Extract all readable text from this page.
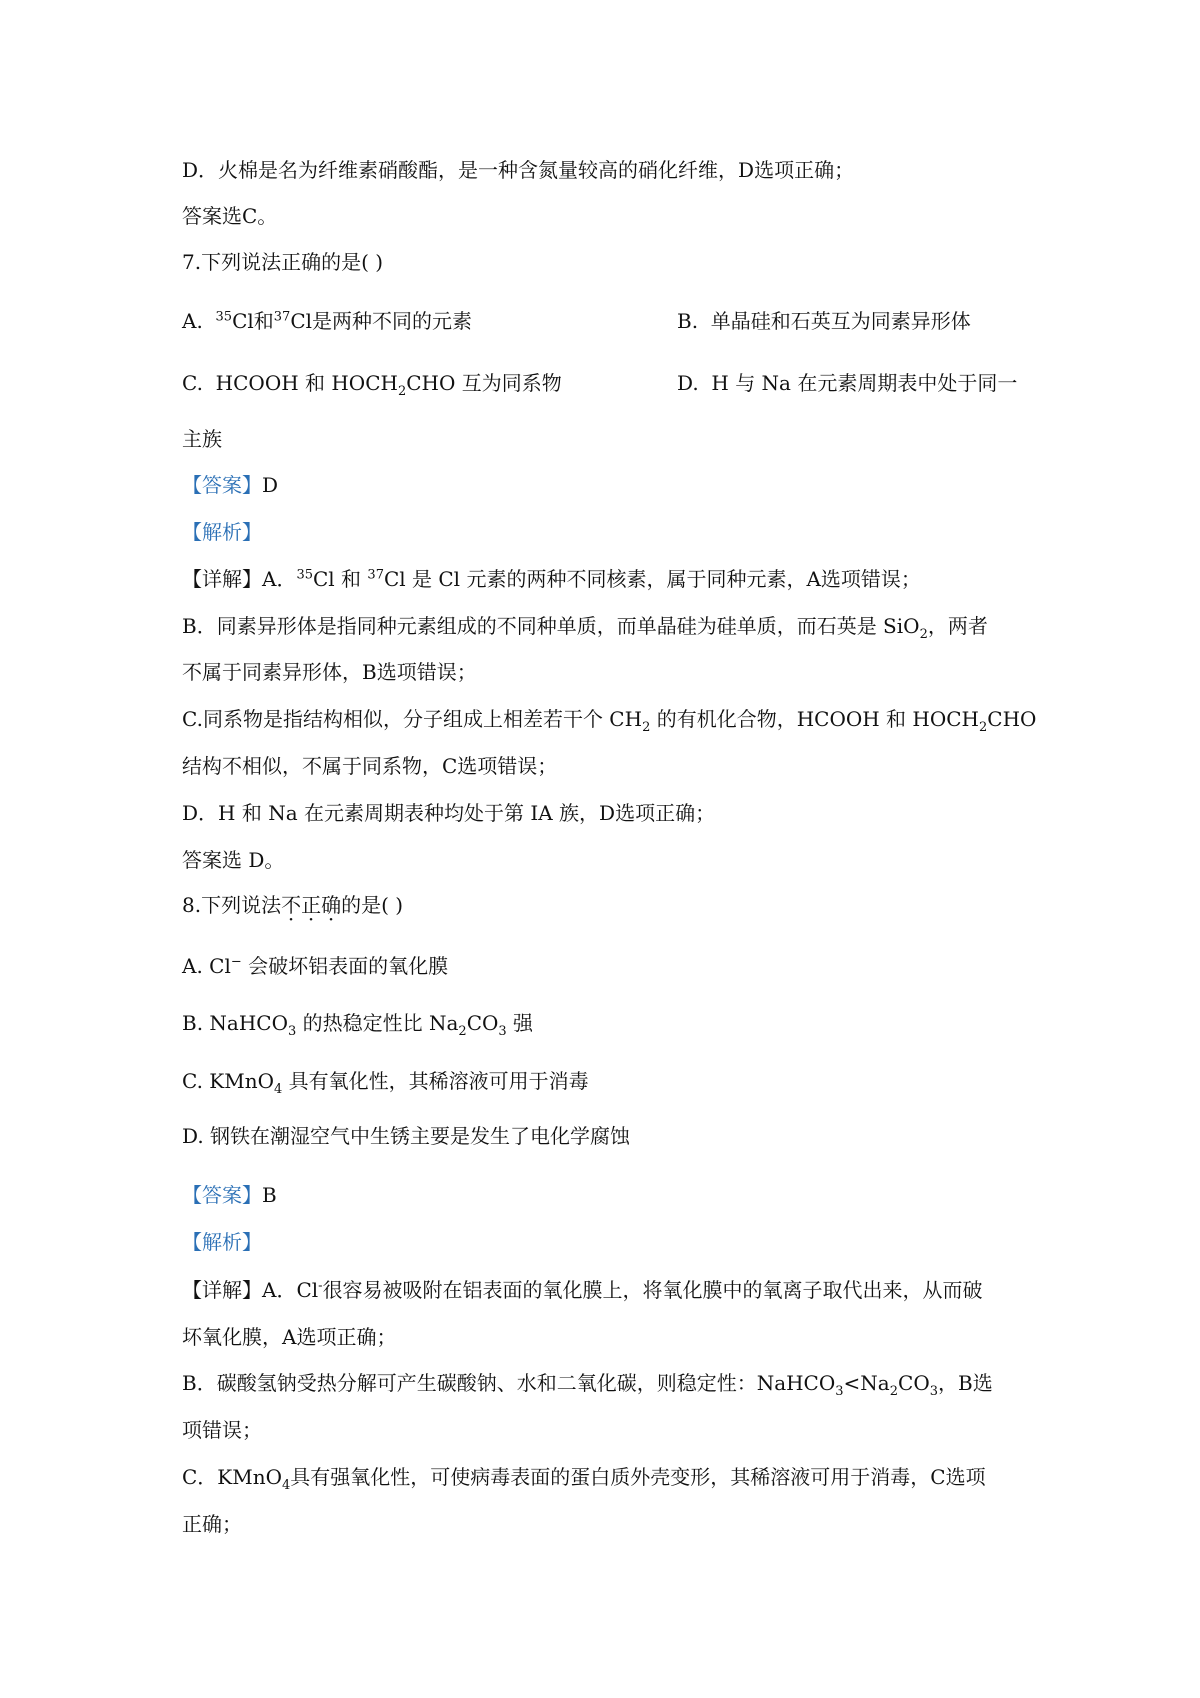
D．火棉是名为纤维素硝酸酯，是一种含氮量较高的硝化纤维，D选项正确；
答案选C。
7.下列说法正确的是( )
A. $^{35}$Cl和$^{37}$Cl是两种不同的元素	B. 单晶硅和石英互为同素异形体
C. HCOOH 和 $HOCH_2CHO$ 互为同系物	D. H 与 Na 在元素周期表中处于同一
主族
【答案】D
【解析】
【详解】A．$^{35}$Cl 和 $^{37}$Cl 是 Cl 元素的两种不同核素，属于同种元素，A选项错误；
B．同素异形体是指同种元素组成的不同种单质，而单晶硅为硅单质，而石英是 SiO$_2$，两者
不属于同素异形体，B选项错误；
C.同系物是指结构相似，分子组成上相差若干个 $CH_2$ 的有机化合物，HCOOH 和 $HOCH_2CHO$
结构不相似，不属于同系物，C选项错误；
D．H 和 Na 在元素周期表种均处于第 IA 族，D选项正确；
答案选 D。
8.下列说法不正确的是( )
A. Cl− 会破坏铝表面的氧化膜
B. NaHCO$_3$ 的热稳定性比 $Na_2CO_3$ 强
C. KMnO$_4$ 具有氧化性，其稀溶液可用于消毒
D. 钢铁在潮湿空气中生锈主要是发生了电化学腐蚀
【答案】B
【解析】
【详解】A．Cl-很容易被吸附在铝表面的氧化膜上，将氧化膜中的氧离子取代出来，从而破
坏氧化膜，A选项正确；
B．碳酸氢钠受热分解可产生碳酸钠、水和二氧化碳，则稳定性：$NaHCO_3<Na_2CO_3$，B选
项错误；
C．KMnO$_4$具有强氧化性，可使病毒表面的蛋白质外壳变形，其稀溶液可用于消毒，C选项
正确；
